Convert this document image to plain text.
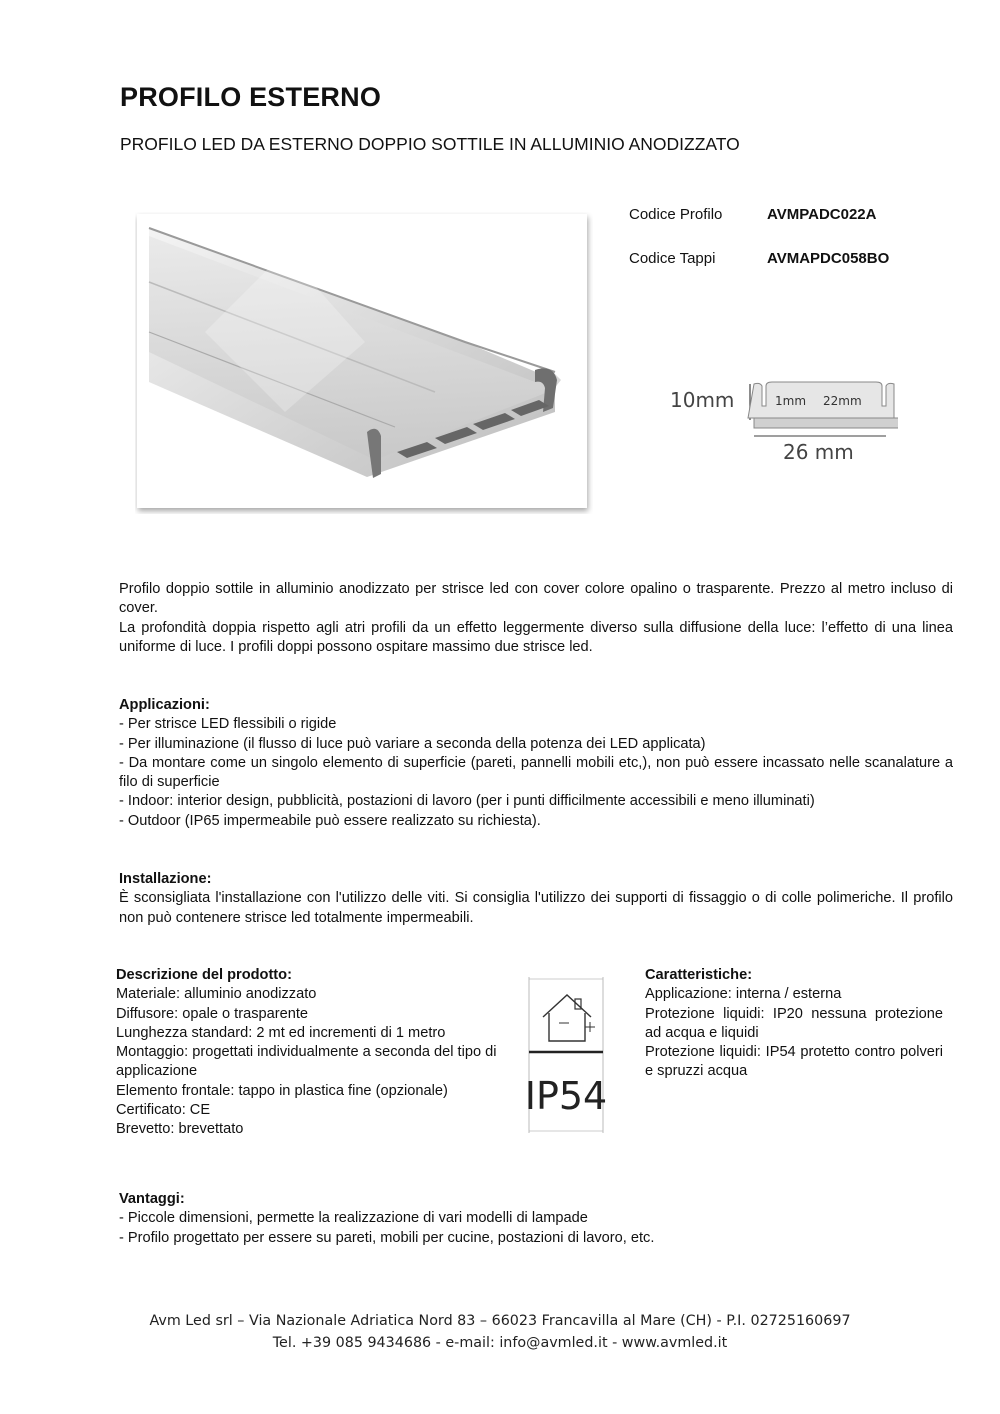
PROFILO ESTERNO
PROFILO LED DA ESTERNO DOPPIO SOTTILE IN ALLUMINIO ANODIZZATO
Codice Profilo	AVMPADC022A
Codice Tappi	AVMAPDC058BO
10mm	1mm 22mm
26 mm

Profilo doppio sottile in alluminio anodizzato per strisce led con cover colore opalino o trasparente. Prezzo al metro incluso di cover.

La profondità doppia rispetto agli atri profili da un effetto leggermente diverso sulla diffusione della luce: l’effetto di una linea uniforme di luce. I profili doppi possono ospitare massimo due strisce led.

Applicazioni:
- Per strisce LED flessibili o rigide
- Per illuminazione (il flusso di luce può variare a seconda della potenza dei LED applicata)
- Da montare come un singolo elemento di superficie (pareti, pannelli mobili etc,), non può essere incassato nelle scanalature a filo di superficie
- Indoor: interior design, pubblicità, postazioni di lavoro (per i punti difficilmente accessibili e meno illuminati)
- Outdoor (IP65 impermeabile può essere realizzato su richiesta).
Installazione:

È sconsigliata l'installazione con l'utilizzo delle viti. Si consiglia l'utilizzo dei supporti di fissaggio o di colle polimeriche. Il profilo non può contenere strisce led totalmente impermeabili.

Descrizione del prodotto:
Materiale: alluminio anodizzato
Diffusore: opale o trasparente
Lunghezza standard: 2 mt ed incrementi di 1 metro
Montaggio: progettati individualmente a seconda del tipo di applicazione
Elemento frontale: tappo in plastica fine (opzionale)
Certificato: CE
Brevetto: brevettato
IP54
Caratteristiche:
Applicazione: interna / esterna
Protezione liquidi: IP20 nessuna protezione ad acqua e liquidi
Protezione liquidi: IP54 protetto contro polveri e spruzzi acqua
Vantaggi:
- Piccole dimensioni, permette la realizzazione di vari modelli di lampade
- Profilo progettato per essere su pareti, mobili per cucine, postazioni di lavoro, etc.
Avm Led srl – Via Nazionale Adriatica Nord 83 – 66023 Francavilla al Mare (CH) - P.I. 02725160697
Tel. +39 085 9434686 - e-mail: info@avmled.it - www.avmled.it
